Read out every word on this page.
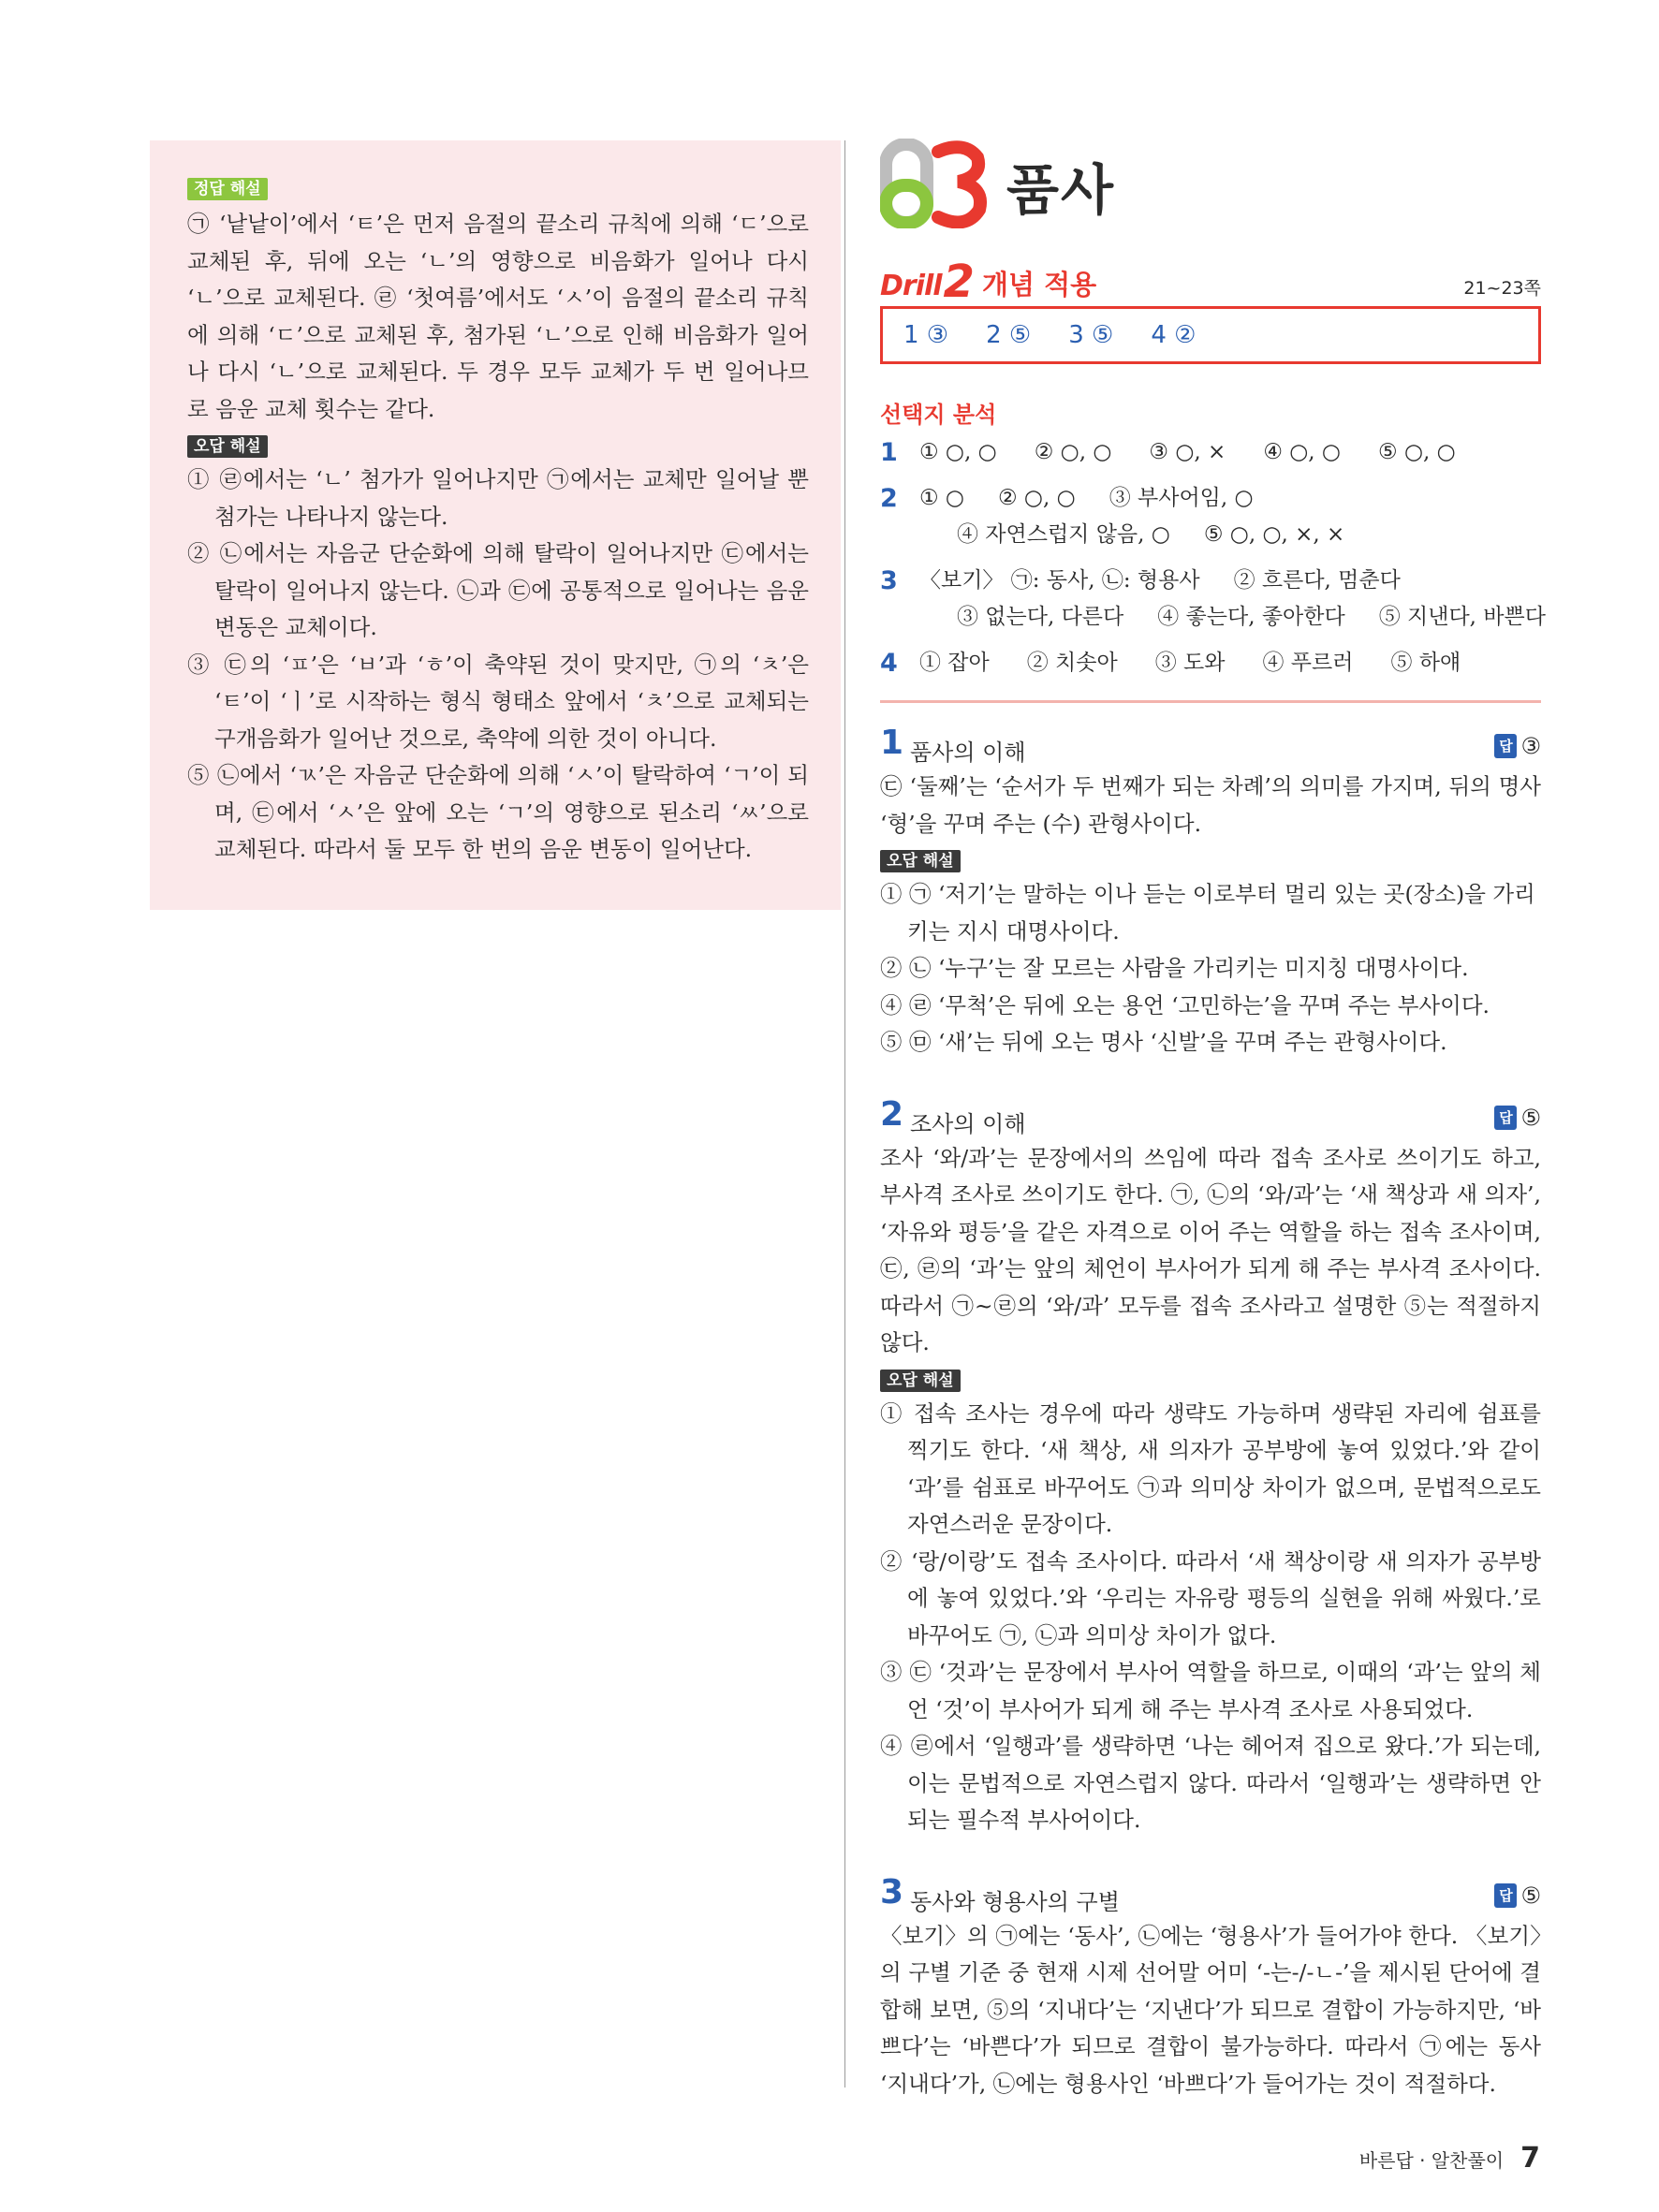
정답 해설

㉠ ‘낱낱이’에서 ‘ㅌ’은 먼저 음절의 끝소리 규칙에 의해 ‘ㄷ’으로 교체된 후, 뒤에 오는 ‘ㄴ’의 영향으로 비음화가 일어나 다시 ‘ㄴ’으로 교체된다. ㉣ ‘첫여름’에서도 ‘ㅅ’이 음절의 끝소리 규칙에 의해 ‘ㄷ’으로 교체된 후, 첨가된 ‘ㄴ’으로 인해 비음화가 일어나 다시 ‘ㄴ’으로 교체된다. 두 경우 모두 교체가 두 번 일어나므로 음운 교체 횟수는 같다.

오답 해설

① ㉣에서는 ‘ㄴ’ 첨가가 일어나지만 ㉠에서는 교체만 일어날 뿐 첨가는 나타나지 않는다.

② ㉡에서는 자음군 단순화에 의해 탈락이 일어나지만 ㉢에서는 탈락이 일어나지 않는다. ㉡과 ㉢에 공통적으로 일어나는 음운 변동은 교체이다.

③ ㉢의 ‘ㅍ’은 ‘ㅂ’과 ‘ㅎ’이 축약된 것이 맞지만, ㉠의 ‘ㅊ’은 ‘ㅌ’이 ‘ㅣ’로 시작하는 형식 형태소 앞에서 ‘ㅊ’으로 교체되는 구개음화가 일어난 것으로, 축약에 의한 것이 아니다.

⑤ ㉡에서 ‘ㄳ’은 자음군 단순화에 의해 ‘ㅅ’이 탈락하여 ‘ㄱ’이 되며, ㉢에서 ‘ㅅ’은 앞에 오는 ‘ㄱ’의 영향으로 된소리 ‘ㅆ’으로 교체된다. 따라서 둘 모두 한 번의 음운 변동이 일어난다.

03
품사
Drill 2 개념 적용	21~23쪽
1 ③ 2 ⑤ 3 ⑤ 4 ②
선택지 분석
1	① ○, ○ ② ○, ○ ③ ○, × ④ ○, ○ ⑤ ○, ○
2	① ○ ② ○, ○ ③ 부사어임, ○
④ 자연스럽지 않음, ○ ⑤ ○, ○, ×, ×
3	〈보기〉 ㉠: 동사, ㉡: 형용사 ② 흐른다, 멈춘다
③ 없는다, 다른다 ④ 좋는다, 좋아한다 ⑤ 지낸다, 바쁜다
4	① 잡아 ② 치솟아 ③ 도와 ④ 푸르러 ⑤ 하얘
1 품사의 이해	답 ③

㉢ ‘둘째’는 ‘순서가 두 번째가 되는 차례’의 의미를 가지며, 뒤의 명사 ‘형’을 꾸며 주는 (수) 관형사이다.

오답 해설

① ㉠ ‘저기’는 말하는 이나 듣는 이로부터 멀리 있는 곳(장소)을 가리키는 지시 대명사이다.

② ㉡ ‘누구’는 잘 모르는 사람을 가리키는 미지칭 대명사이다.

④ ㉣ ‘무척’은 뒤에 오는 용언 ‘고민하는’을 꾸며 주는 부사이다.

⑤ ㉤ ‘새’는 뒤에 오는 명사 ‘신발’을 꾸며 주는 관형사이다.

2 조사의 이해	답 ⑤

조사 ‘와/과’는 문장에서의 쓰임에 따라 접속 조사로 쓰이기도 하고, 부사격 조사로 쓰이기도 한다. ㉠, ㉡의 ‘와/과’는 ‘새 책상과 새 의자’, ‘자유와 평등’을 같은 자격으로 이어 주는 역할을 하는 접속 조사이며, ㉢, ㉣의 ‘과’는 앞의 체언이 부사어가 되게 해 주는 부사격 조사이다. 따라서 ㉠~㉣의 ‘와/과’ 모두를 접속 조사라고 설명한 ⑤는 적절하지 않다.

오답 해설

① 접속 조사는 경우에 따라 생략도 가능하며 생략된 자리에 쉼표를 찍기도 한다. ‘새 책상, 새 의자가 공부방에 놓여 있었다.’와 같이 ‘과’를 쉼표로 바꾸어도 ㉠과 의미상 차이가 없으며, 문법적으로도 자연스러운 문장이다.

② ‘랑/이랑’도 접속 조사이다. 따라서 ‘새 책상이랑 새 의자가 공부방에 놓여 있었다.’와 ‘우리는 자유랑 평등의 실현을 위해 싸웠다.’로 바꾸어도 ㉠, ㉡과 의미상 차이가 없다.

③ ㉢ ‘것과’는 문장에서 부사어 역할을 하므로, 이때의 ‘과’는 앞의 체언 ‘것’이 부사어가 되게 해 주는 부사격 조사로 사용되었다.

④ ㉣에서 ‘일행과’를 생략하면 ‘나는 헤어져 집으로 왔다.’가 되는데, 이는 문법적으로 자연스럽지 않다. 따라서 ‘일행과’는 생략하면 안 되는 필수적 부사어이다.

3 동사와 형용사의 구별	답 ⑤

〈보기〉의 ㉠에는 ‘동사’, ㉡에는 ‘형용사’가 들어가야 한다. 〈보기〉의 구별 기준 중 현재 시제 선어말 어미 ‘-는-/-ㄴ-’을 제시된 단어에 결합해 보면, ⑤의 ‘지내다’는 ‘지낸다’가 되므로 결합이 가능하지만, ‘바쁘다’는 ‘바쁜다’가 되므로 결합이 불가능하다. 따라서 ㉠에는 동사 ‘지내다’가, ㉡에는 형용사인 ‘바쁘다’가 들어가는 것이 적절하다.

바른답 · 알찬풀이 7
